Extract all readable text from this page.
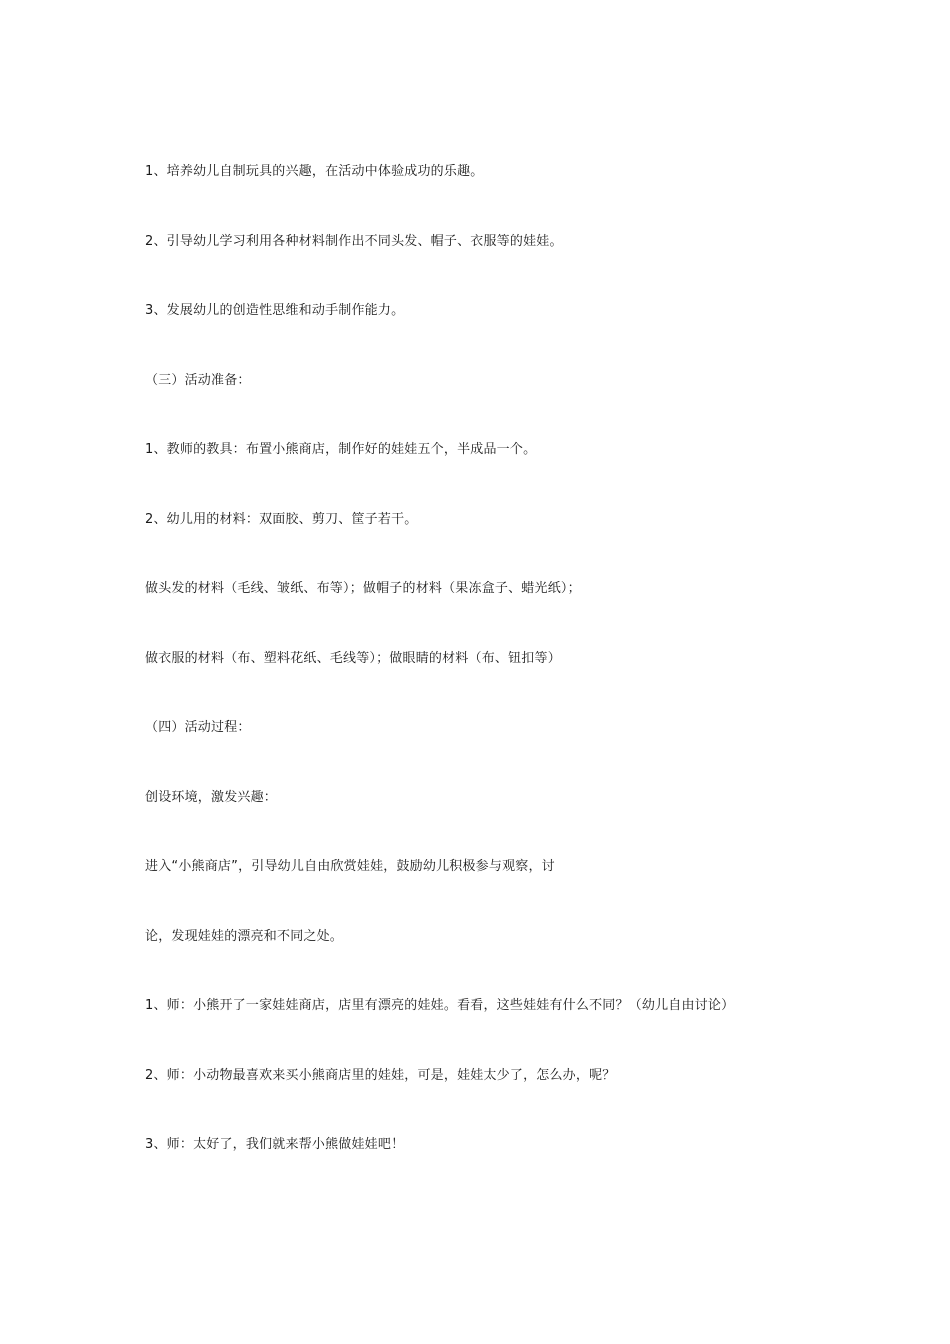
1、培养幼儿自制玩具的兴趣，在活动中体验成功的乐趣。
2、引导幼儿学习利用各种材料制作出不同头发、帽子、衣服等的娃娃。
3、发展幼儿的创造性思维和动手制作能力。
（三）活动准备：
1、教师的教具：布置小熊商店，制作好的娃娃五个，半成品一个。
2、幼儿用的材料：双面胶、剪刀、筐子若干。
做头发的材料（毛线、皱纸、布等）；做帽子的材料（果冻盒子、蜡光纸）；
做衣服的材料（布、塑料花纸、毛线等）；做眼睛的材料（布、钮扣等）
（四）活动过程：
创设环境，激发兴趣：
进入“小熊商店”，引导幼儿自由欣赏娃娃，鼓励幼儿积极参与观察，讨
论，发现娃娃的漂亮和不同之处。
1、师：小熊开了一家娃娃商店，店里有漂亮的娃娃。看看，这些娃娃有什么不同？（幼儿自由讨论）
2、师：小动物最喜欢来买小熊商店里的娃娃，可是，娃娃太少了，怎么办，呢？
3、师：太好了，我们就来帮小熊做娃娃吧！
